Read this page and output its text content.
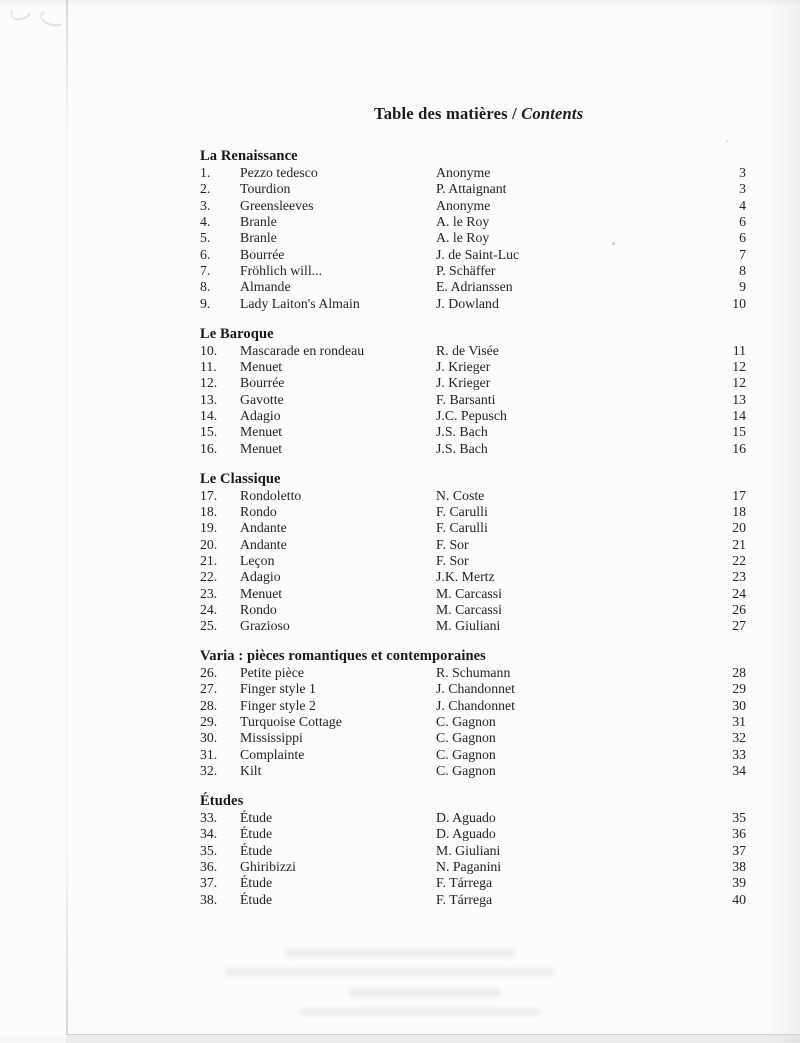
Table des matières / Contents
La Renaissance
1.	Pezzo tedesco	Anonyme	3
2.	Tourdion	P. Attaignant	3
3.	Greensleeves	Anonyme	4
4.	Branle	A. le Roy	6
5.	Branle	A. le Roy	6
6.	Bourrée	J. de Saint-Luc	7
7.	Fröhlich will...	P. Schäffer	8
8.	Almande	E. Adrianssen	9
9.	Lady Laiton's Almain	J. Dowland	10
Le Baroque
10.	Mascarade en rondeau	R. de Visée	11
11.	Menuet	J. Krieger	12
12.	Bourrée	J. Krieger	12
13.	Gavotte	F. Barsanti	13
14.	Adagio	J.C. Pepusch	14
15.	Menuet	J.S. Bach	15
16.	Menuet	J.S. Bach	16
Le Classique
17.	Rondoletto	N. Coste	17
18.	Rondo	F. Carulli	18
19.	Andante	F. Carulli	20
20.	Andante	F. Sor	21
21.	Leçon	F. Sor	22
22.	Adagio	J.K. Mertz	23
23.	Menuet	M. Carcassi	24
24.	Rondo	M. Carcassi	26
25.	Grazioso	M. Giuliani	27
Varia : pièces romantiques et contemporaines
26.	Petite pièce	R. Schumann	28
27.	Finger style 1	J. Chandonnet	29
28.	Finger style 2	J. Chandonnet	30
29.	Turquoise Cottage	C. Gagnon	31
30.	Mississippi	C. Gagnon	32
31.	Complainte	C. Gagnon	33
32.	Kilt	C. Gagnon	34
Études
33.	Étude	D. Aguado	35
34.	Étude	D. Aguado	36
35.	Étude	M. Giuliani	37
36.	Ghiribizzi	N. Paganini	38
37.	Étude	F. Tárrega	39
38.	Étude	F. Tárrega	40
